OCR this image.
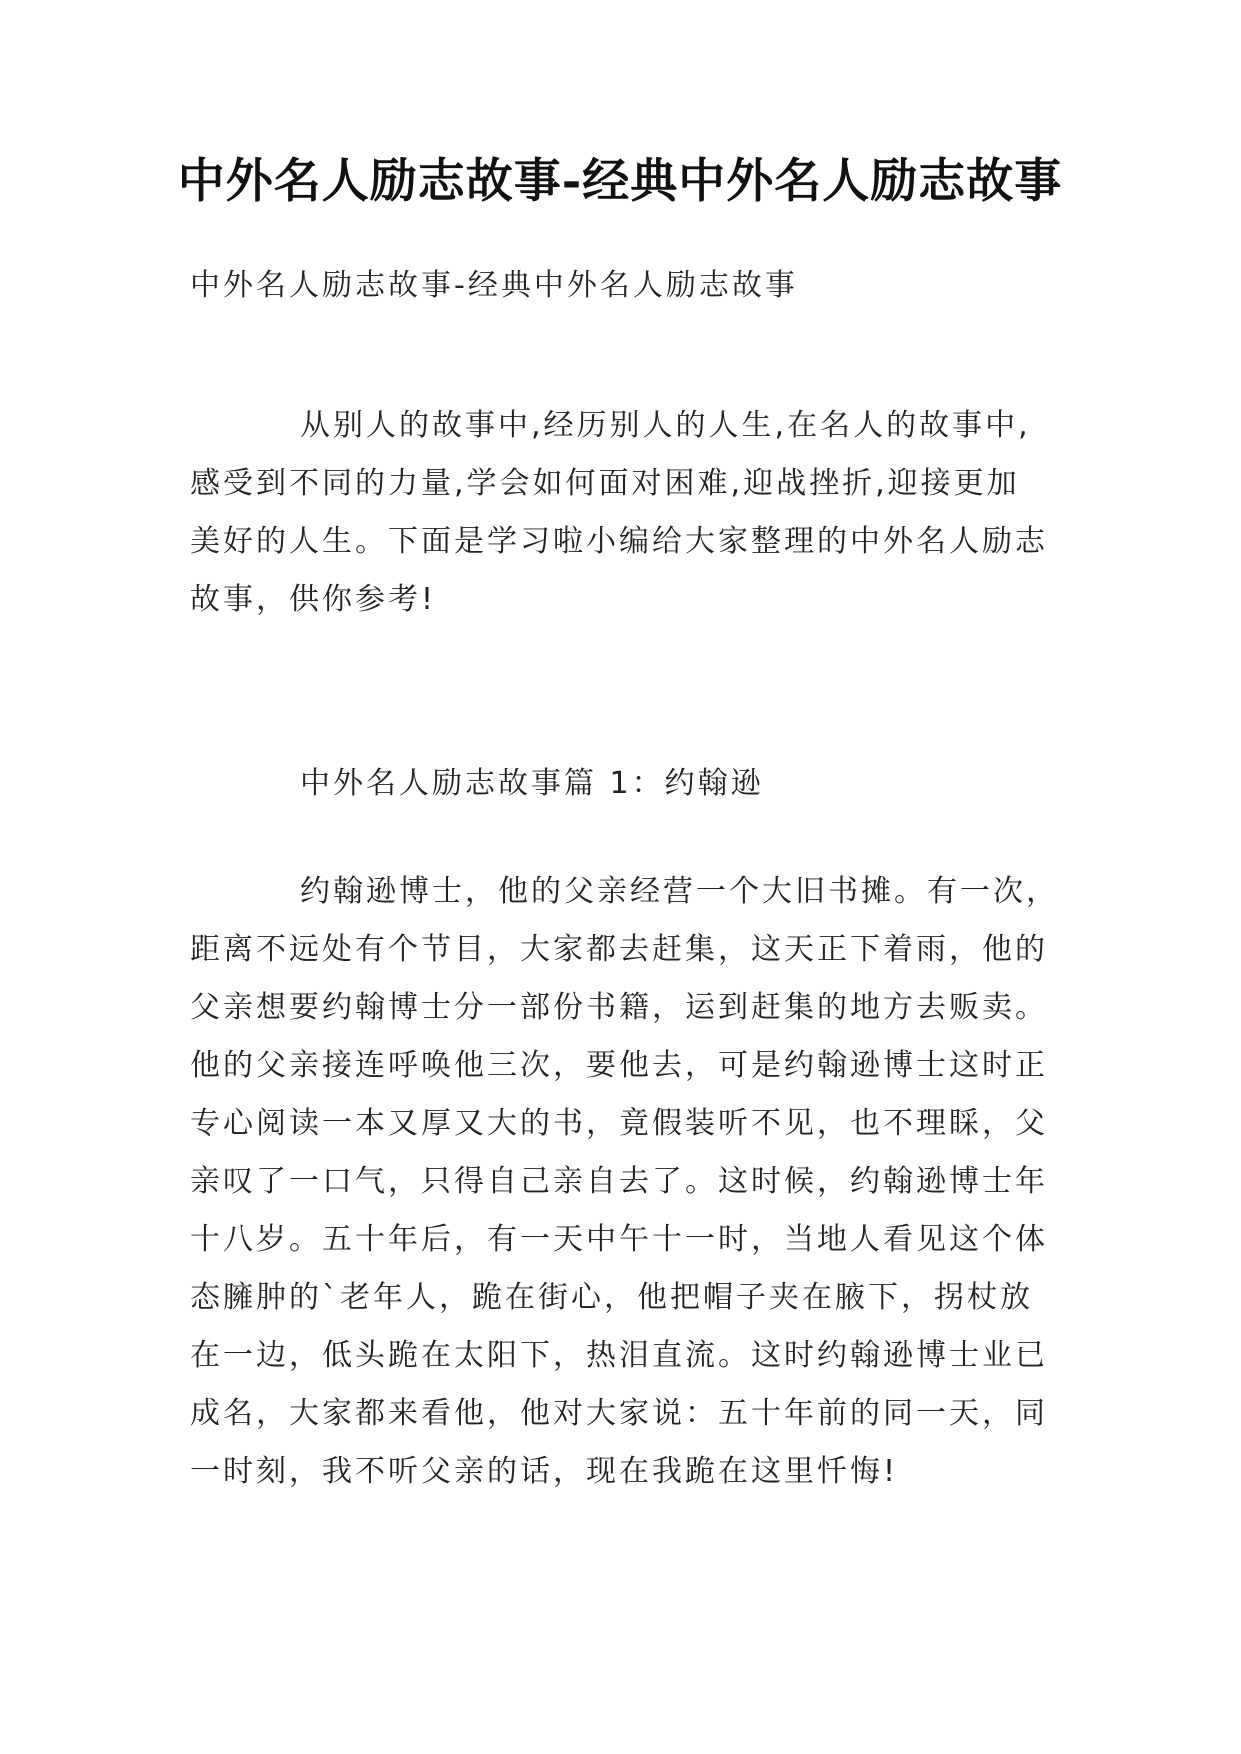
中外名人励志故事-经典中外名人励志故事

中外名人励志故事-经典中外名人励志故事

从别人的故事中,经历别人的人生,在名人的故事中,

感受到不同的力量,学会如何面对困难,迎战挫折,迎接更加

美好的人生。下面是学习啦小编给大家整理的中外名人励志

故事，供你参考!

中外名人励志故事篇 1：约翰逊

约翰逊博士，他的父亲经营一个大旧书摊。有一次，

距离不远处有个节目，大家都去赶集，这天正下着雨，他的

父亲想要约翰博士分一部份书籍，运到赶集的地方去贩卖。

他的父亲接连呼唤他三次，要他去，可是约翰逊博士这时正

专心阅读一本又厚又大的书，竟假装听不见，也不理睬，父

亲叹了一口气，只得自己亲自去了。这时候，约翰逊博士年

十八岁。五十年后，有一天中午十一时，当地人看见这个体

态臃肿的`老年人，跪在街心，他把帽子夹在腋下，拐杖放

在一边，低头跪在太阳下，热泪直流。这时约翰逊博士业已

成名，大家都来看他，他对大家说：五十年前的同一天，同

一时刻，我不听父亲的话，现在我跪在这里忏悔!
